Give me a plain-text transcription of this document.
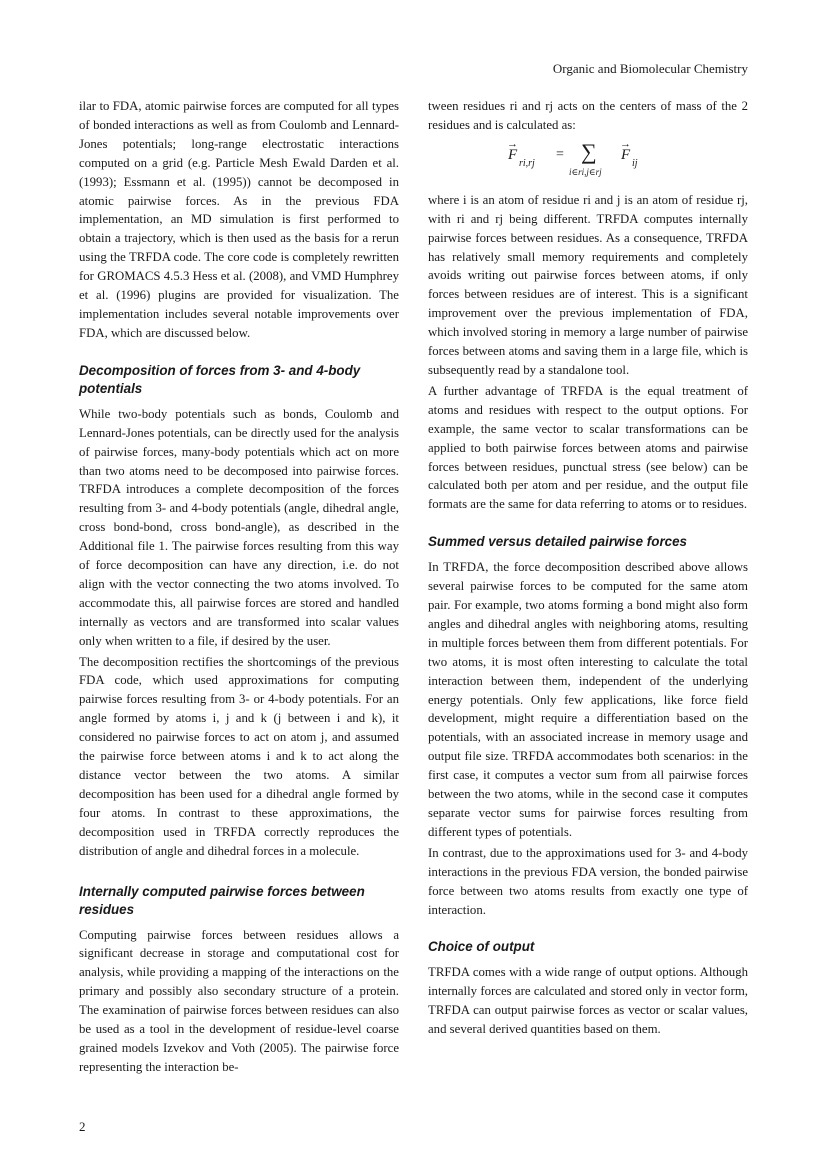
Organic and Biomolecular Chemistry

ilar to FDA, atomic pairwise forces are computed for all types of bonded interactions as well as from Coulomb and Lennard-Jones potentials; long-range electrostatic interactions computed on a grid (e.g. Particle Mesh Ewald Darden et al. (1993); Essmann et al. (1995)) cannot be decomposed in atomic pairwise forces. As in the previous FDA implementation, an MD simulation is first performed to obtain a trajectory, which is then used as the basis for a rerun using the TRFDA code. The core code is completely rewritten for GROMACS 4.5.3 Hess et al. (2008), and VMD Humphrey et al. (1996) plugins are provided for visualization. The implementation includes several notable improvements over FDA, which are discussed below.

Decomposition of forces from 3- and 4-body potentials

While two-body potentials such as bonds, Coulomb and Lennard-Jones potentials, can be directly used for the analysis of pairwise forces, many-body potentials which act on more than two atoms need to be decomposed into pairwise forces. TRFDA introduces a complete decomposition of the forces resulting from 3- and 4-body potentials (angle, dihedral angle, cross bond-bond, cross bond-angle), as described in the Additional file 1. The pairwise forces resulting from this way of force decomposition can have any direction, i.e. do not align with the vector connecting the two atoms involved. To accommodate this, all pairwise forces are stored and handled internally as vectors and are transformed into scalar values only when written to a file, if desired by the user.

The decomposition rectifies the shortcomings of the previous FDA code, which used approximations for computing pairwise forces resulting from 3- or 4-body potentials. For an angle formed by atoms i, j and k (j between i and k), it considered no pairwise forces to act on atom j, and assumed the pairwise force between atoms i and k to act along the distance vector between the two atoms. A similar decomposition has been used for a dihedral angle formed by four atoms. In contrast to these approximations, the decomposition used in TRFDA correctly reproduces the distribution of angle and dihedral forces in a molecule.

Internally computed pairwise forces between residues

Computing pairwise forces between residues allows a significant decrease in storage and computational cost for analysis, while providing a mapping of the interactions on the primary and possibly also secondary structure of a protein. The examination of pairwise forces between residues can also be used as a tool in the development of residue-level coarse grained models Izvekov and Voth (2005). The pairwise force representing the interaction be-

tween residues ri and rj acts on the centers of mass of the 2 residues and is calculated as:

→
F
ri,rj
= ∑
i∈ri,j∈rj
→
F
ij

where i is an atom of residue ri and j is an atom of residue rj, with ri and rj being different. TRFDA computes internally pairwise forces between residues. As a consequence, TRFDA has relatively small memory requirements and completely avoids writing out pairwise forces between atoms, if only forces between residues are of interest. This is a significant improvement over the previous implementation of FDA, which involved storing in memory a large number of pairwise forces between atoms and saving them in a large file, which is subsequently read by a standalone tool.

A further advantage of TRFDA is the equal treatment of atoms and residues with respect to the output options. For example, the same vector to scalar transformations can be applied to both pairwise forces between atoms and pairwise forces between residues, punctual stress (see below) can be calculated both per atom and per residue, and the output file formats are the same for data referring to atoms or to residues.

Summed versus detailed pairwise forces

In TRFDA, the force decomposition described above allows several pairwise forces to be computed for the same atom pair. For example, two atoms forming a bond might also form angles and dihedral angles with neighboring atoms, resulting in multiple forces between them from different potentials. For two atoms, it is most often interesting to calculate the total interaction between them, independent of the underlying energy potentials. Only few applications, like force field development, might require a differentiation based on the potentials, with an associated increase in memory usage and output file size. TRFDA accommodates both scenarios: in the first case, it computes a vector sum from all pairwise forces between the two atoms, while in the second case it computes separate vector sums for pairwise forces resulting from different types of potentials.

In contrast, due to the approximations used for 3- and 4-body interactions in the previous FDA version, the bonded pairwise force between two atoms results from exactly one type of interaction.

Choice of output

TRFDA comes with a wide range of output options. Although internally forces are calculated and stored only in vector form, TRFDA can output pairwise forces as vector or scalar values, and several derived quantities based on them.

2
